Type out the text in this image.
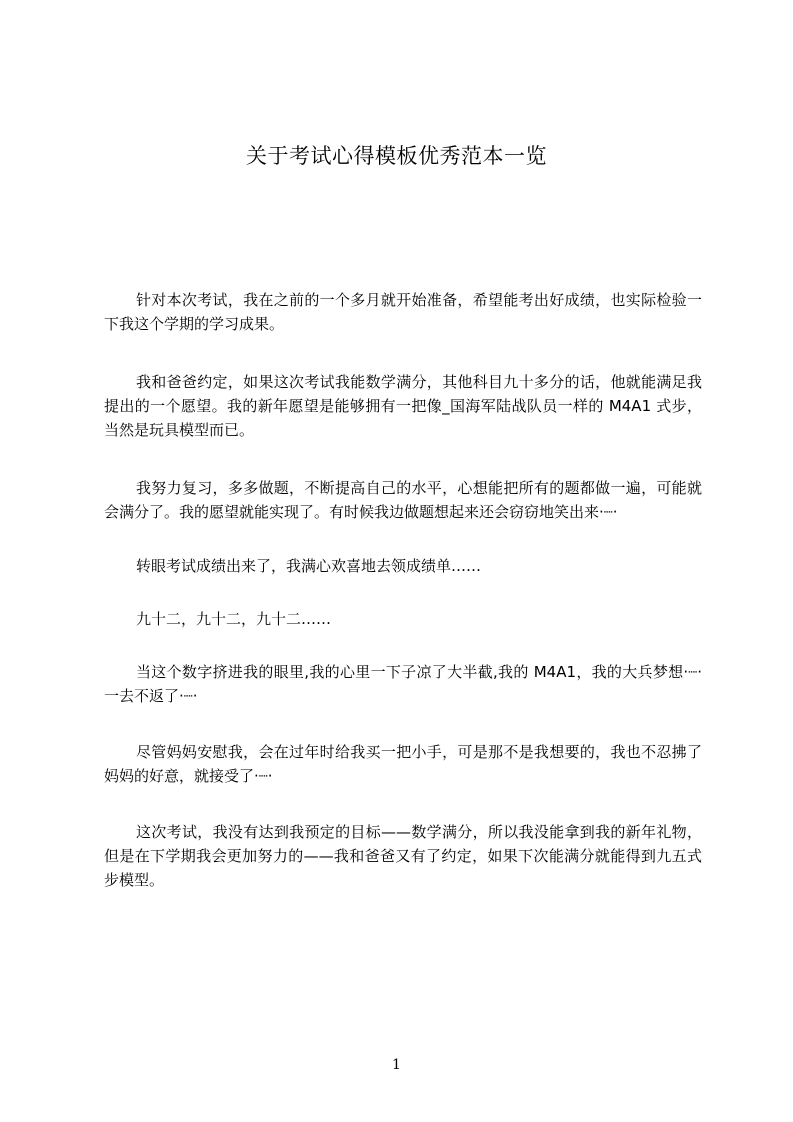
关于考试心得模板优秀范本一览

针对本次考试，我在之前的一个多月就开始准备，希望能考出好成绩，也实际检验一下我这个学期的学习成果。

我和爸爸约定，如果这次考试我能数学满分，其他科目九十多分的话，他就能满足我提出的一个愿望。我的新年愿望是能够拥有一把像_国海军陆战队员一样的 M4A1 式步，当然是玩具模型而已。

我努力复习，多多做题，不断提高自己的水平，心想能把所有的题都做一遍，可能就会满分了。我的愿望就能实现了。有时候我边做题想起来还会窃窃地笑出来·┈·

转眼考试成绩出来了，我满心欢喜地去领成绩单……

九十二，九十二，九十二……

当这个数字挤进我的眼里,我的心里一下子凉了大半截,我的 M4A1，我的大兵梦想·┈·一去不返了·┈·

尽管妈妈安慰我，会在过年时给我买一把小手，可是那不是我想要的，我也不忍拂了妈妈的好意，就接受了·┈·

这次考试，我没有达到我预定的目标——数学满分，所以我没能拿到我的新年礼物，但是在下学期我会更加努力的——我和爸爸又有了约定，如果下次能满分就能得到九五式步模型。

1
